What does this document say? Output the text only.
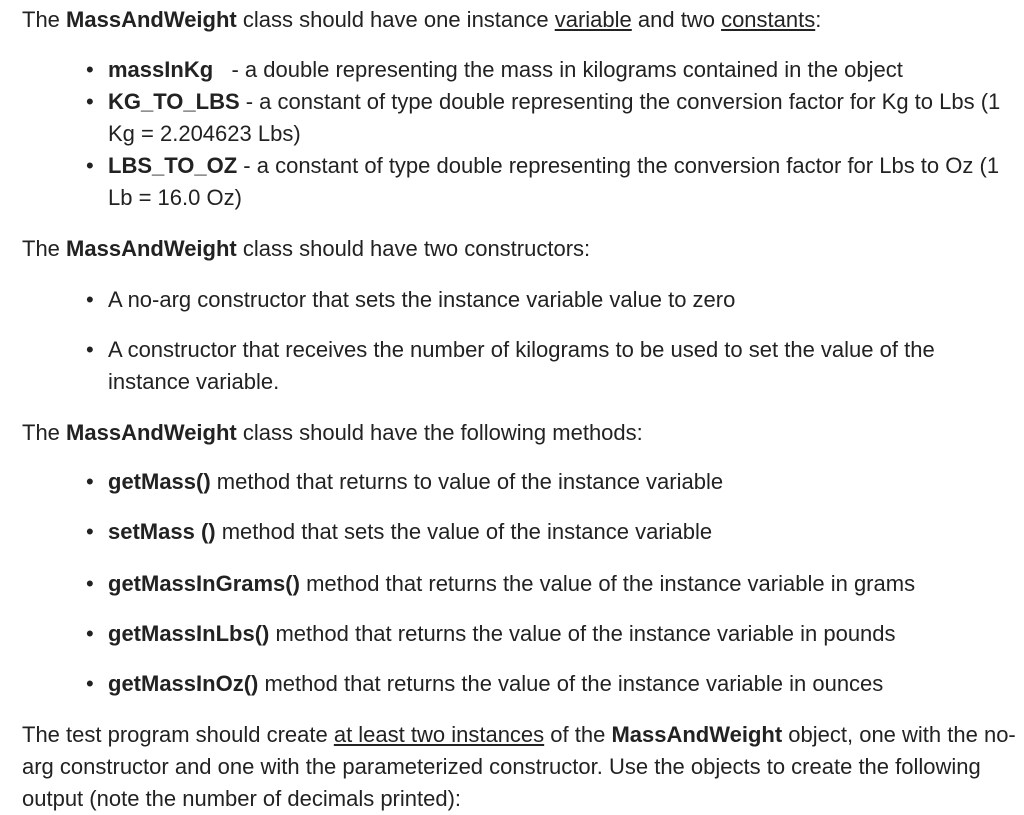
The MassAndWeight class should have one instance variable and two constants:

• massInKg   - a double representing the mass in kilograms contained in the object
• KG_TO_LBS - a constant of type double representing the conversion factor for Kg to Lbs (1 Kg = 2.204623 Lbs)
• LBS_TO_OZ - a constant of type double representing the conversion factor for Lbs to Oz (1 Lb = 16.0 Oz)

The MassAndWeight class should have two constructors:

• A no-arg constructor that sets the instance variable value to zero
• A constructor that receives the number of kilograms to be used to set the value of the instance variable.

The MassAndWeight class should have the following methods:

• getMass() method that returns to value of the instance variable
• setMass () method that sets the value of the instance variable
• getMassInGrams() method that returns the value of the instance variable in grams
• getMassInLbs() method that returns the value of the instance variable in pounds
• getMassInOz() method that returns the value of the instance variable in ounces

The test program should create at least two instances of the MassAndWeight object, one with the no-arg constructor and one with the parameterized constructor. Use the objects to create the following output (note the number of decimals printed):
